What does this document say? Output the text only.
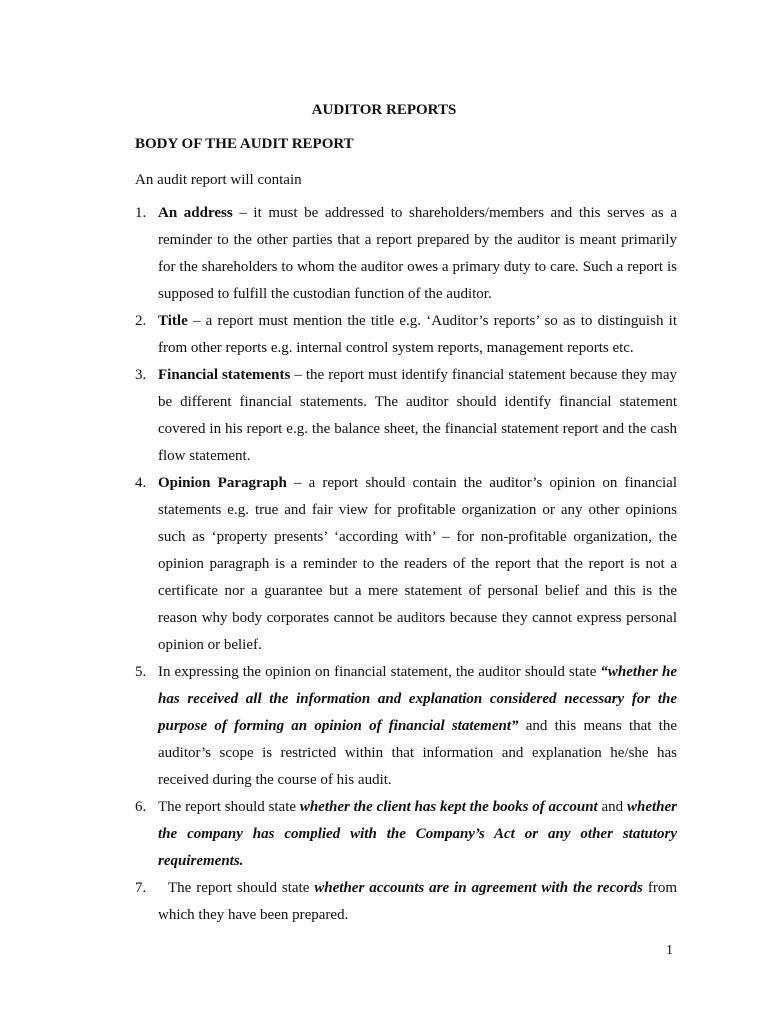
AUDITOR REPORTS
BODY OF THE AUDIT REPORT
An audit report will contain
1. An address – it must be addressed to shareholders/members and this serves as a reminder to the other parties that a report prepared by the auditor is meant primarily for the shareholders to whom the auditor owes a primary duty to care. Such a report is supposed to fulfill the custodian function of the auditor.
2. Title – a report must mention the title e.g. ‘Auditor’s reports’ so as to distinguish it from other reports e.g. internal control system reports, management reports etc.
3. Financial statements – the report must identify financial statement because they may be different financial statements. The auditor should identify financial statement covered in his report e.g. the balance sheet, the financial statement report and the cash flow statement.
4. Opinion Paragraph – a report should contain the auditor’s opinion on financial statements e.g. true and fair view for profitable organization or any other opinions such as ‘property presents’ ‘according with’ – for non-profitable organization, the opinion paragraph is a reminder to the readers of the report that the report is not a certificate nor a guarantee but a mere statement of personal belief and this is the reason why body corporates cannot be auditors because they cannot express personal opinion or belief.
5. In expressing the opinion on financial statement, the auditor should state “whether he has received all the information and explanation considered necessary for the purpose of forming an opinion of financial statement” and this means that the auditor’s scope is restricted within that information and explanation he/she has received during the course of his audit.
6. The report should state whether the client has kept the books of account and whether the company has complied with the Company’s Act or any other statutory requirements.
7.	The report should state whether accounts are in agreement with the records from which they have been prepared.
1
